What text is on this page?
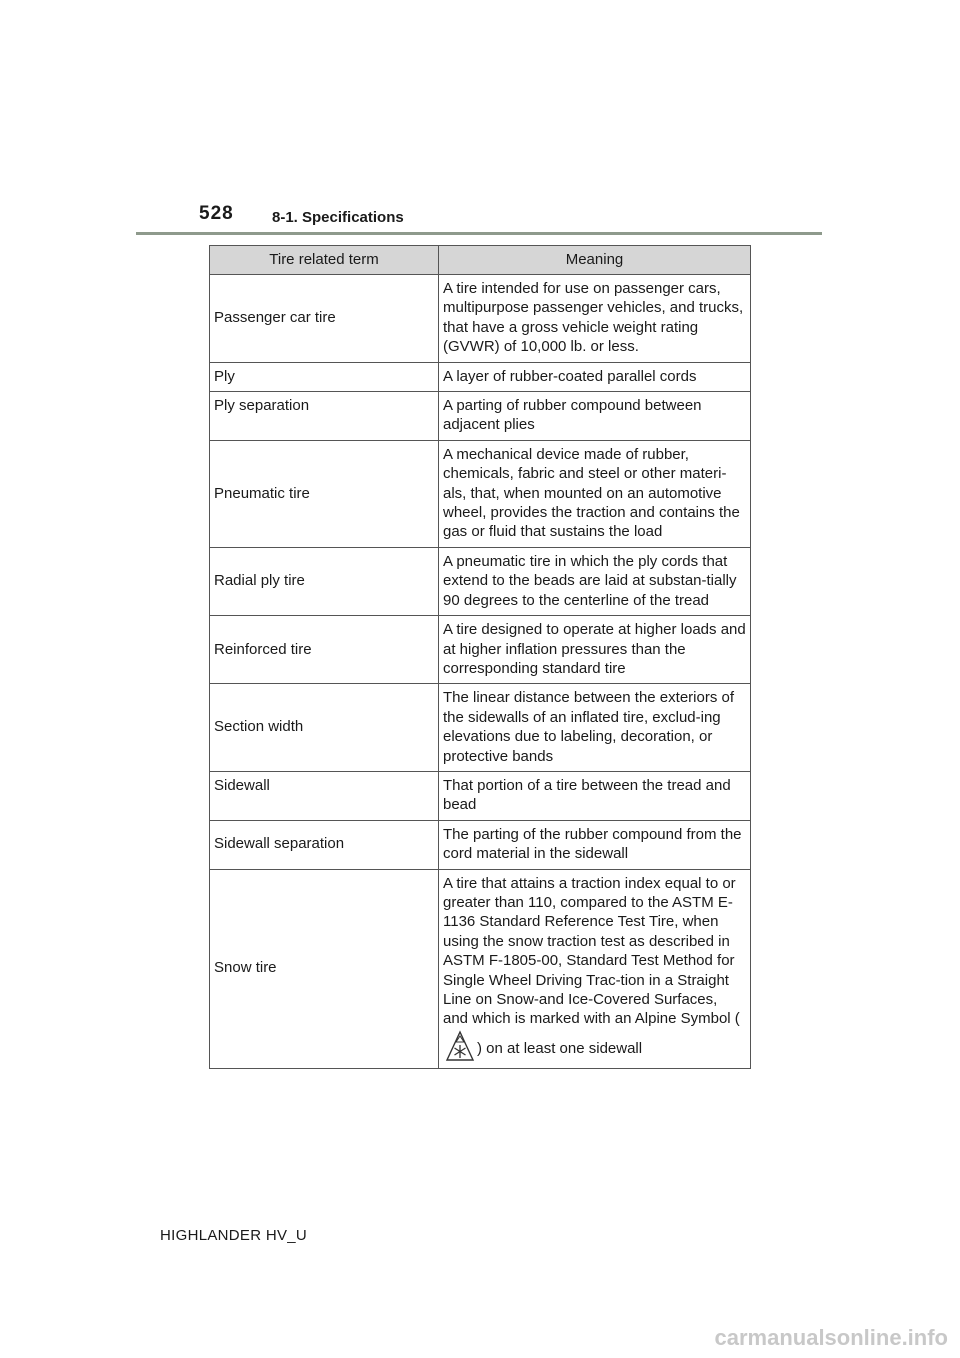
528	8-1. Specifications
Tire related term	Meaning
Passenger car tire	A tire intended for use on passenger cars, multipurpose passenger vehicles, and trucks, that have a gross vehicle weight rating (GVWR) of 10,000 lb. or less.
Ply	A layer of rubber-coated parallel cords
Ply separation	A parting of rubber compound between adjacent plies
Pneumatic tire	A mechanical device made of rubber, chemicals, fabric and steel or other materi-als, that, when mounted on an automotive wheel, provides the traction and contains the gas or fluid that sustains the load
Radial ply tire	A pneumatic tire in which the ply cords that extend to the beads are laid at substan-tially 90 degrees to the centerline of the tread
Reinforced tire	A tire designed to operate at higher loads and at higher inflation pressures than the corresponding standard tire
Section width	The linear distance between the exteriors of the sidewalls of an inflated tire, exclud-ing elevations due to labeling, decoration, or protective bands
Sidewall	That portion of a tire between the tread and bead
Sidewall separation	The parting of the rubber compound from the cord material in the sidewall
Snow tire	A tire that attains a traction index equal to or greater than 110, compared to the ASTM E-1136 Standard Reference Test Tire, when using the snow traction test as described in ASTM F-1805-00, Standard Test Method for Single Wheel Driving Trac-tion in a Straight Line on Snow-and Ice-Covered Surfaces, and which is marked with an Alpine Symbol () on at least one sidewall
HIGHLANDER HV_U
carmanualsonline.info
